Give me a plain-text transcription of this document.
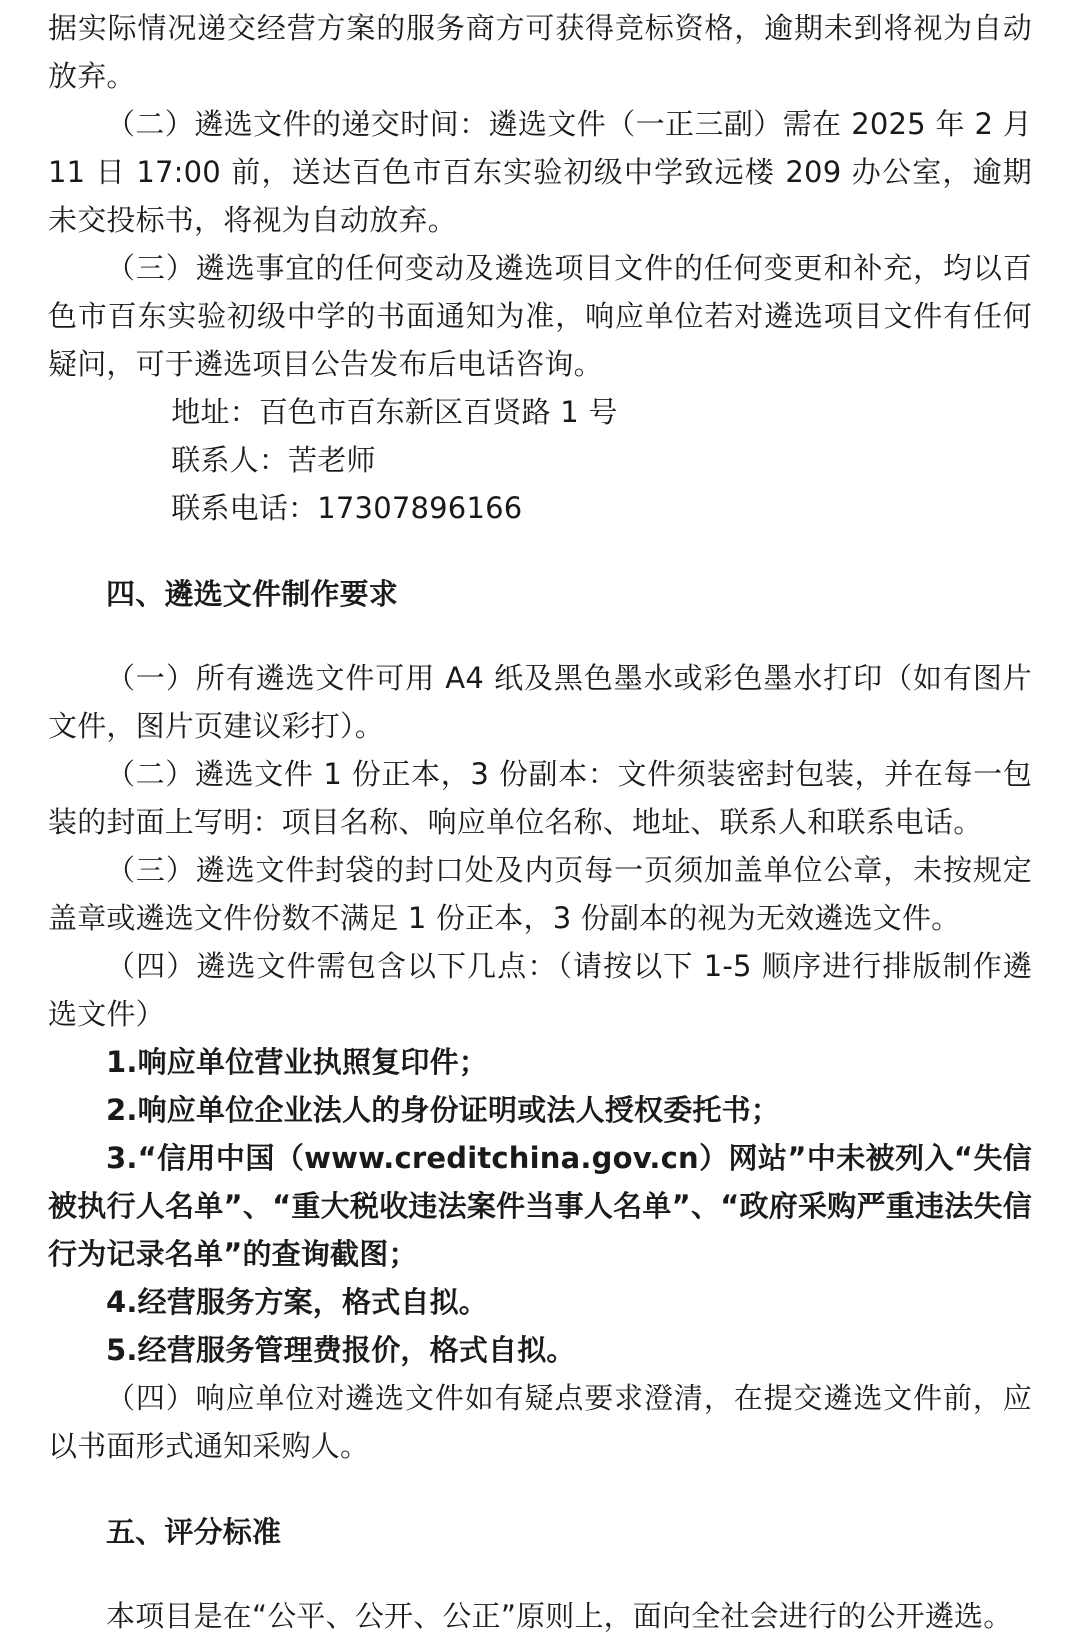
据实际情况递交经营方案的服务商方可获得竞标资格，逾期未到将视为自动放弃。

（二）遴选文件的递交时间：遴选文件（一正三副）需在 2025 年 2 月 11 日 17:00 前，送达百色市百东实验初级中学致远楼 209 办公室，逾期未交投标书，将视为自动放弃。

（三）遴选事宜的任何变动及遴选项目文件的任何变更和补充，均以百色市百东实验初级中学的书面通知为准，响应单位若对遴选项目文件有任何疑问，可于遴选项目公告发布后电话咨询。

地址：百色市百东新区百贤路 1 号

联系人：苦老师

联系电话：17307896166

四、遴选文件制作要求

（一）所有遴选文件可用 A4 纸及黑色墨水或彩色墨水打印（如有图片文件，图片页建议彩打）。

（二）遴选文件 1 份正本，3 份副本：文件须装密封包装，并在每一包装的封面上写明：项目名称、响应单位名称、地址、联系人和联系电话。

（三）遴选文件封袋的封口处及内页每一页须加盖单位公章，未按规定盖章或遴选文件份数不满足 1 份正本，3 份副本的视为无效遴选文件。

（四）遴选文件需包含以下几点：（请按以下 1-5 顺序进行排版制作遴选文件）

1.响应单位营业执照复印件；

2.响应单位企业法人的身份证明或法人授权委托书；

3.“信用中国（www.creditchina.gov.cn）网站”中未被列入“失信被执行人名单”、“重大税收违法案件当事人名单”、“政府采购严重违法失信行为记录名单”的查询截图；

4.经营服务方案，格式自拟。

5.经营服务管理费报价，格式自拟。

（四）响应单位对遴选文件如有疑点要求澄清，在提交遴选文件前，应以书面形式通知采购人。

五、评分标准

本项目是在“公平、公开、公正”原则上，面向全社会进行的公开遴选。
